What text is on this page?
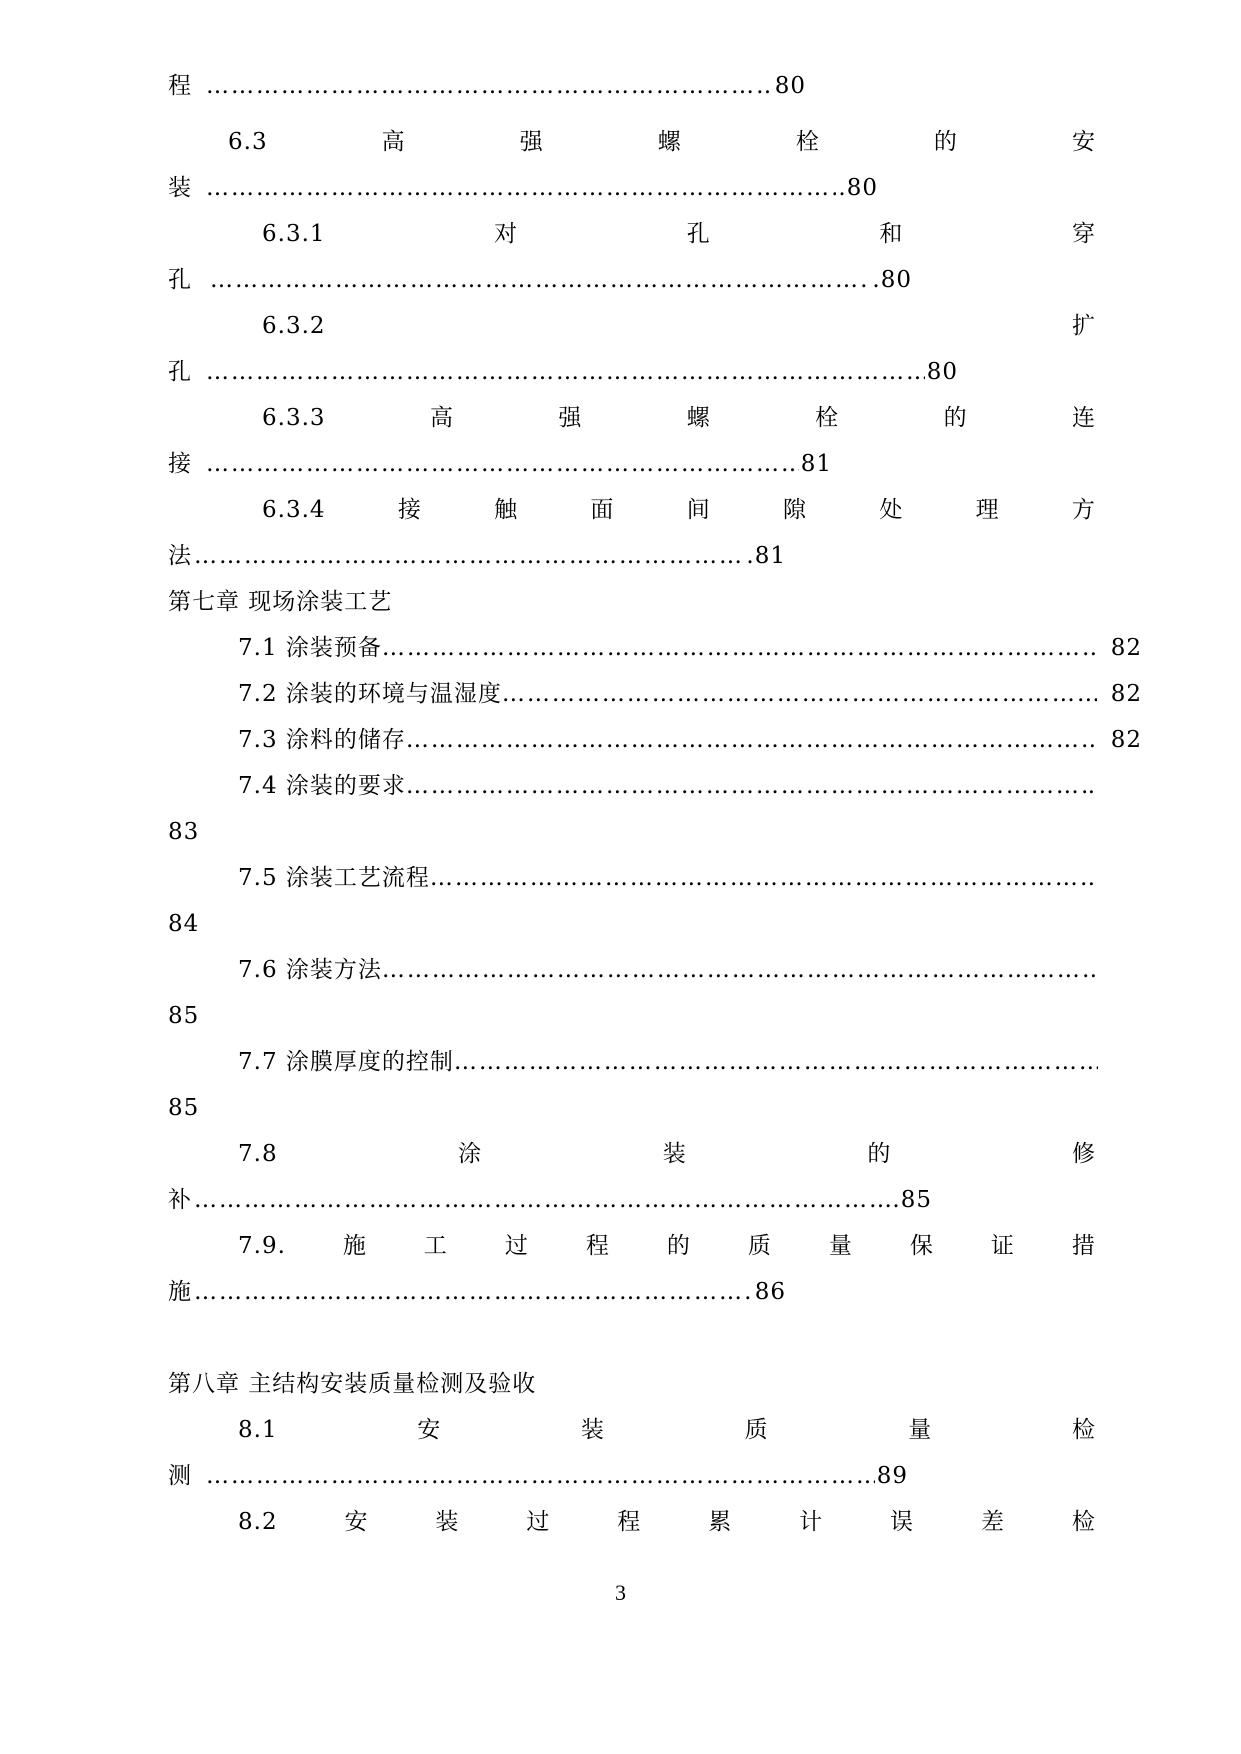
程 …………………………………………………………………………………………………………………………………………………………………………………………………………	80
6.3	高	强	螺	栓	的	安
装 …………………………………………………………………………………………………………………………………………………………………………………………………………	.80
6.3.1	对	孔	和	穿
孔 …………………………………………………………………………………………………………………………………………………………………………………………………………	.80
6.3.2	扩
孔 …………………………………………………………………………………………………………………………………………………………………………………………………………	80
6.3.3	高	强	螺	栓	的	连
接 …………………………………………………………………………………………………………………………………………………………………………………………………………	81
6.3.4	接	触	面	间	隙	处	理	方
法 …………………………………………………………………………………………………………………………………………………………………………………………………………	.81
第七章 现场涂装工艺
7.1 涂装预备 …………………………………………………………………………………………………………………………………………………………………………………………………………	82
7.2 涂装的环境与温湿度 …………………………………………………………………………………………………………………………………………………………………………………………………………	82
7.3 涂料的储存 …………………………………………………………………………………………………………………………………………………………………………………………………………	82
7.4 涂装的要求 …………………………………………………………………………………………………………………………………………………………………………………………………………	.
83
7.5 涂装工艺流程 …………………………………………………………………………………………………………………………………………………………………………………………………………	.
84
7.6 涂装方法
…………………………………………………………………………………………………………………………………………………………………………………………………………
85
7.7 涂膜厚度的控制
…………………………………………………………………………………………………………………………………………………………………………………………………………
85
7.8	涂	装	的	修
补 …………………………………………………………………………………………………………………………………………………………………………………………………………	.85
7.9. 施 工 过 程 的 质 量 保 证 措
施 …………………………………………………………………………………………………………………………………………………………………………………………………………	86
第八章 主结构安装质量检测及验收
8.1	安	装	质	量	检
测 …………………………………………………………………………………………………………………………………………………………………………………………………………	89
8.2	安	装	过	程	累	计	误	差	检
3
